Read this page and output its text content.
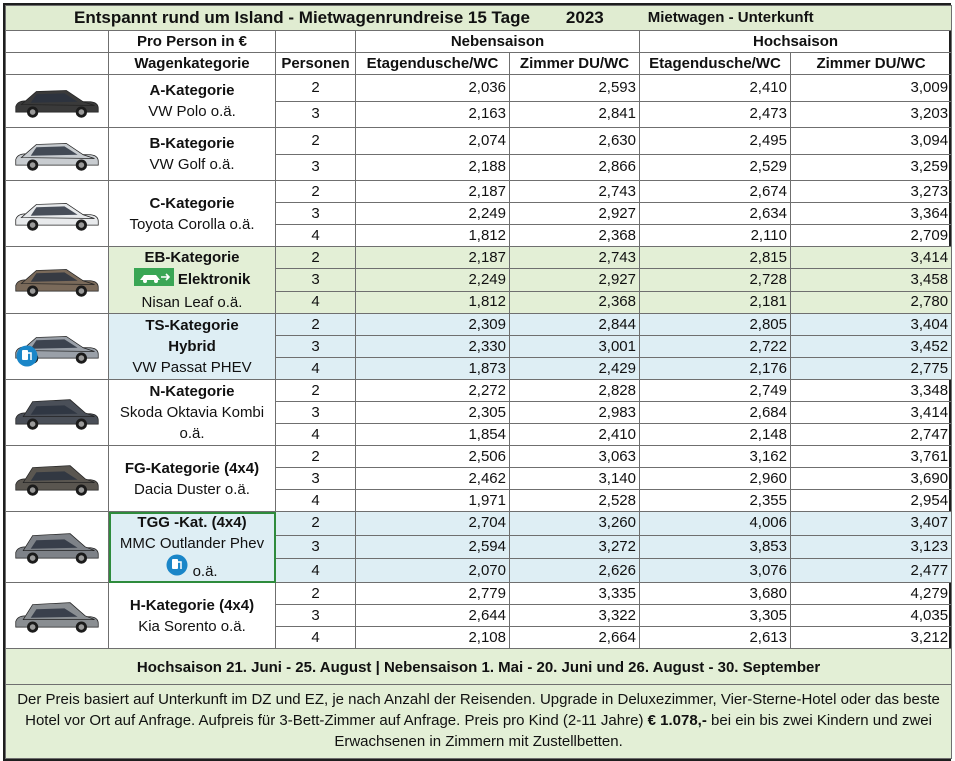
Entspannt rund um Island - Mietwagenrundreise 15 Tage 2023 Mietwagen - Unterkunft						

	Pro Person in €		Nebensaison		Hochsaison	
	Wagenkategorie	Personen	Etagendusche/WC	Zimmer DU/WC	Etagendusche/WC	Zimmer DU/WC

A-Kategorie
VW Polo o.ä.	2	2,036	2,593	2,410	3,009
		3	2,163	2,841	2,473	3,203

B-Kategorie
VW Golf o.ä.	2	2,074	2,630	2,495	3,094
		3	2,188	2,866	2,529	3,259

C-Kategorie
Toyota Corolla o.ä.	2	2,187	2,743	2,674	3,273
		3	2,249	2,927	2,634	3,364
		4	1,812	2,368	2,110	2,709

EB-Kategorie
Elektronik
Nisan Leaf o.ä.	2	2,187	2,743	2,815	3,414
		3	2,249	2,927	2,728	3,458
		4	1,812	2,368	2,181	2,780

TS-Kategorie
Hybrid
VW Passat PHEV	2	2,309	2,844	2,805	3,404
		3	2,330	3,001	2,722	3,452
		4	1,873	2,429	2,176	2,775

N-Kategorie
Skoda Oktavia Kombi
o.ä.	2	2,272	2,828	2,749	3,348
		3	2,305	2,983	2,684	3,414
		4	1,854	2,410	2,148	2,747

FG-Kategorie (4x4)
Dacia Duster o.ä.	2	2,506	3,063	3,162	3,761
		3	2,462	3,140	2,960	3,690
		4	1,971	2,528	2,355	2,954

TGG -Kat. (4x4)
MMC Outlander Phev
o.ä.	2	2,704	3,260	4,006	3,407
		3	2,594	3,272	3,853	3,123
		4	2,070	2,626	3,076	2,477

H-Kategorie (4x4)
Kia Sorento o.ä.	2	2,779	3,335	3,680	4,279
		3	2,644	3,322	3,305	4,035
		4	2,108	2,664	2,613	3,212
Hochsaison 21. Juni - 25. August | Nebensaison 1. Mai - 20. Juni und 26. August - 30. September						
Der Preis basiert auf Unterkunft im DZ und EZ, je nach Anzahl der Reisenden. Upgrade in Deluxezimmer, Vier-Sterne-Hotel oder das beste Hotel vor Ort auf Anfrage. Aufpreis für 3-Bett-Zimmer auf Anfrage. Preis pro Kind (2-11 Jahre) € 1.078,- bei ein bis zwei Kindern und zwei Erwachsenen in Zimmern mit Zustellbetten.						
